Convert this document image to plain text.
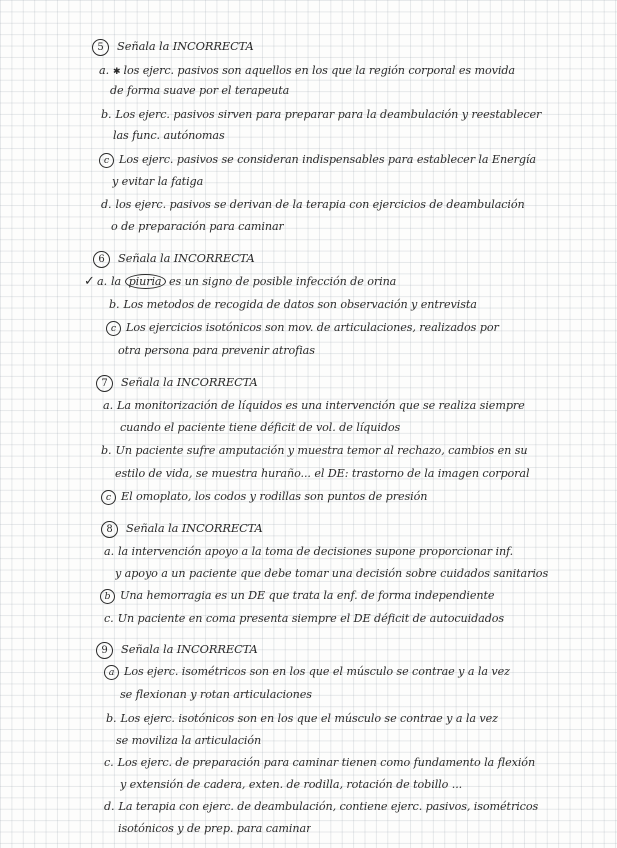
5 Señala la INCORRECTA
a. ✱ los ejerc. pasivos son aquellos en los que la región corporal es movida
de forma suave por el terapeuta
b. Los ejerc. pasivos sirven para preparar para la deambulación y reestablecer
las func. autónomas
c Los ejerc. pasivos se consideran indispensables para establecer la Energía
y evitar la fatiga
d. los ejerc. pasivos se derivan de la terapia con ejercicios de deambulación
o de preparación para caminar
6 Señala la INCORRECTA
✓ a. la piuria es un signo de posible infección de orina
b. Los metodos de recogida de datos son observación y entrevista
c Los ejercicios isotónicos son mov. de articulaciones, realizados por
otra persona para prevenir atrofias
7 Señala la INCORRECTA
a. La monitorización de líquidos es una intervención que se realiza siempre
cuando el paciente tiene déficit de vol. de líquidos
b. Un paciente sufre amputación y muestra temor al rechazo, cambios en su
estilo de vida, se muestra huraño... el DE: trastorno de la imagen corporal
c El omoplato, los codos y rodillas son puntos de presión
8 Señala la INCORRECTA
a. la intervención apoyo a la toma de decisiones supone proporcionar inf.
y apoyo a un paciente que debe tomar una decisión sobre cuidados sanitarios
b Una hemorragia es un DE que trata la enf. de forma independiente
c. Un paciente en coma presenta siempre el DE déficit de autocuidados
9 Señala la INCORRECTA
a Los ejerc. isométricos son en los que el músculo se contrae y a la vez
se flexionan y rotan articulaciones
b. Los ejerc. isotónicos son en los que el músculo se contrae y a la vez
se moviliza la articulación
c. Los ejerc. de preparación para caminar tienen como fundamento la flexión
y extensión de cadera, exten. de rodilla, rotación de tobillo ...
d. La terapia con ejerc. de deambulación, contiene ejerc. pasivos, isométricos
isotónicos y de prep. para caminar
